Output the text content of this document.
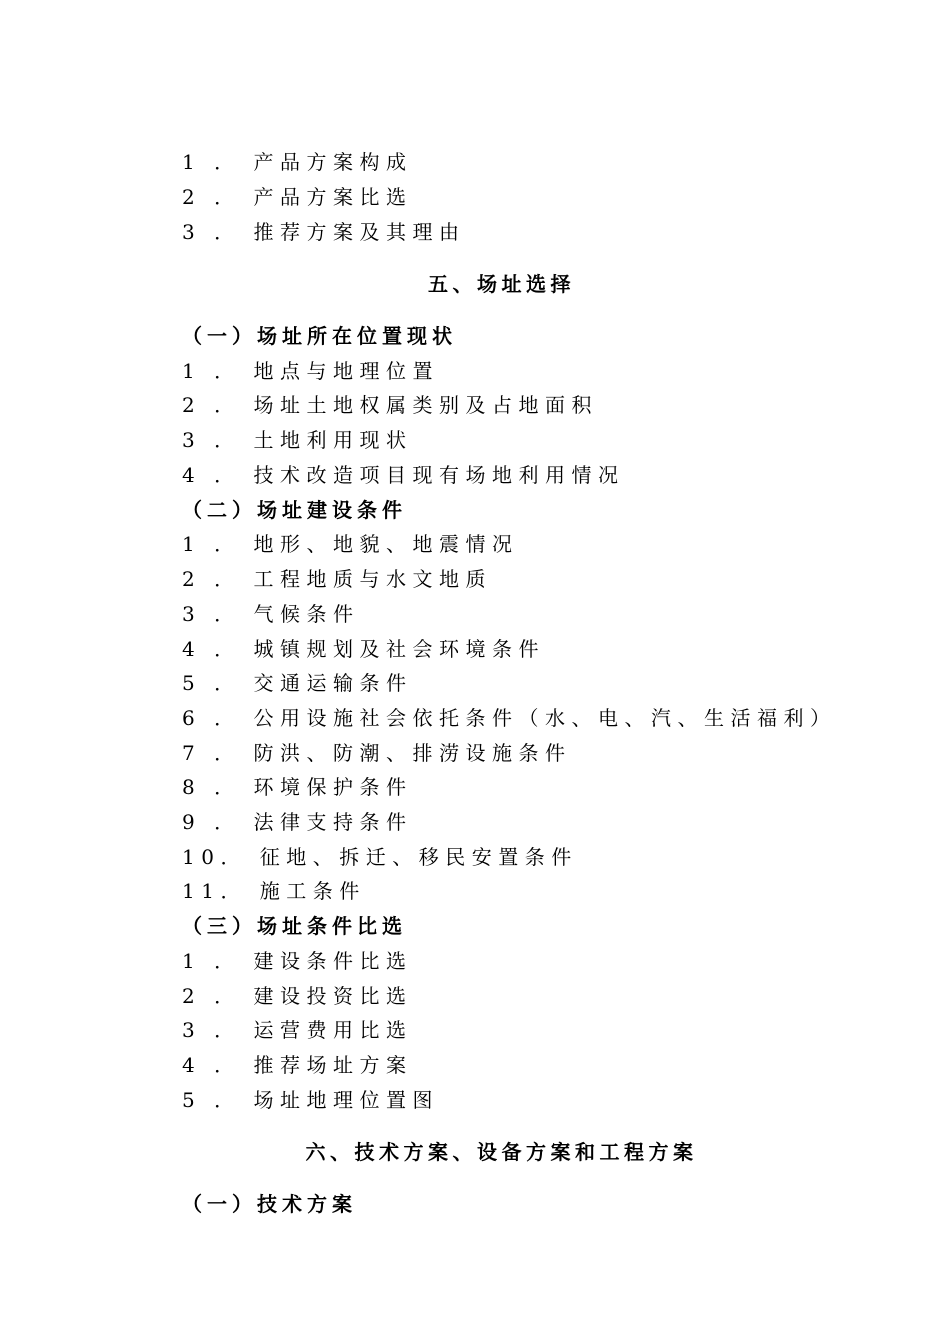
1 ． 产品方案构成
2 ． 产品方案比选
3 ． 推荐方案及其理由
五、场址选择
（一）场址所在位置现状
1 ． 地点与地理位置
2 ． 场址土地权属类别及占地面积
3 ． 土地利用现状
4 ． 技术改造项目现有场地利用情况
（二）场址建设条件
1 ． 地形、地貌、地震情况
2 ． 工程地质与水文地质
3 ． 气候条件
4 ． 城镇规划及社会环境条件
5 ． 交通运输条件
6 ． 公用设施社会依托条件（水、电、汽、生活福利）
7 ． 防洪、防潮、排涝设施条件
8 ． 环境保护条件
9 ． 法律支持条件
10． 征地、拆迁、移民安置条件
11． 施工条件
（三）场址条件比选
1 ． 建设条件比选
2 ． 建设投资比选
3 ． 运营费用比选
4 ． 推荐场址方案
5 ． 场址地理位置图
六、技术方案、设备方案和工程方案
（一）技术方案
